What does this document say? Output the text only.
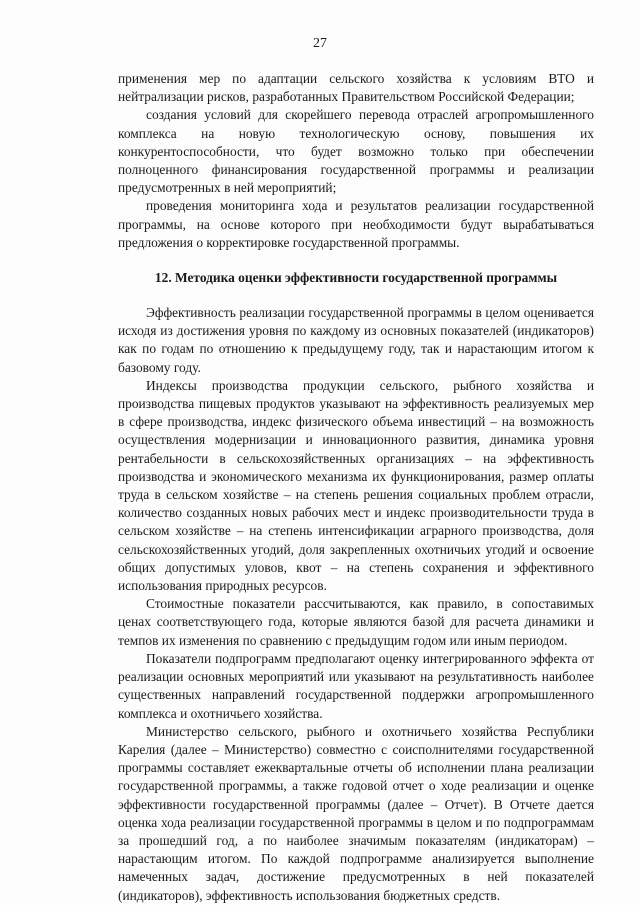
27

применения мер по адаптации сельского хозяйства к условиям ВТО и нейтрализации рисков, разработанных Правительством Российской Федерации;

создания условий для скорейшего перевода отраслей агропромышленного комплекса на новую технологическую основу, повышения их конкурентоспособности, что будет возможно только при обеспечении полноценного финансирования государственной программы и реализации предусмотренных в ней мероприятий;

проведения мониторинга хода и результатов реализации государственной программы, на основе которого при необходимости будут вырабатываться предложения о корректировке государственной программы.

12. Методика оценки эффективности государственной программы

Эффективность реализации государственной программы в целом оценивается исходя из достижения уровня по каждому из основных показателей (индикаторов) как по годам по отношению к предыдущему году, так и нарастающим итогом к базовому году.

Индексы производства продукции сельского, рыбного хозяйства и производства пищевых продуктов указывают на эффективность реализуемых мер в сфере производства, индекс физического объема инвестиций – на возможность осуществления модернизации и инновационного развития, динамика уровня рентабельности в сельскохозяйственных организациях – на эффективность производства и экономического механизма их функционирования, размер оплаты труда в сельском хозяйстве – на степень решения социальных проблем отрасли, количество созданных новых рабочих мест и индекс производительности труда в сельском хозяйстве – на степень интенсификации аграрного производства, доля сельскохозяйственных угодий, доля закрепленных охотничьих угодий и освоение общих допустимых уловов, квот – на степень сохранения и эффективного использования природных ресурсов.

Стоимостные показатели рассчитываются, как правило, в сопоставимых ценах соответствующего года, которые являются базой для расчета динамики и темпов их изменения по сравнению с предыдущим годом или иным периодом.

Показатели подпрограмм предполагают оценку интегрированного эффекта от реализации основных мероприятий или указывают на результативность наиболее существенных направлений государственной поддержки агропромышленного комплекса и охотничьего хозяйства.

Министерство сельского, рыбного и охотничьего хозяйства Республики Карелия (далее – Министерство) совместно с соисполнителями государственной программы составляет ежеквартальные отчеты об исполнении плана реализации государственной программы, а также годовой отчет о ходе реализации и оценке эффективности государственной программы (далее – Отчет). В Отчете дается оценка хода реализации государственной программы в целом и по подпрограммам за прошедший год, а по наиболее значимым показателям (индикаторам) – нарастающим итогом. По каждой подпрограмме анализируется выполнение намеченных задач, достижение предусмотренных в ней показателей (индикаторов), эффективность использования бюджетных средств.
